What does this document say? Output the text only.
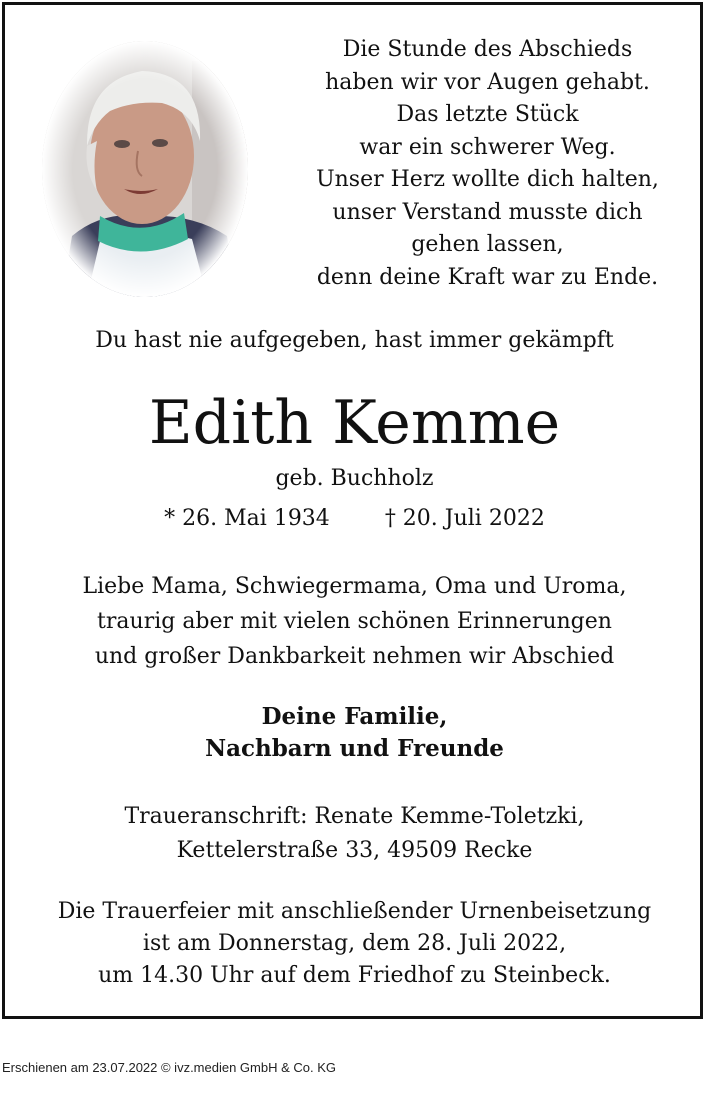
Die Stunde des Abschieds
haben wir vor Augen gehabt.
Das letzte Stück
war ein schwerer Weg.
Unser Herz wollte dich halten,
unser Verstand musste dich
gehen lassen,
denn deine Kraft war zu Ende.
Du hast nie aufgegeben, hast immer gekämpft
Edith Kemme
geb. Buchholz
* 26. Mai 1934	† 20. Juli 2022
Liebe Mama, Schwiegermama, Oma und Uroma,
traurig aber mit vielen schönen Erinnerungen
und großer Dankbarkeit nehmen wir Abschied
Deine Familie,
Nachbarn und Freunde
Traueranschrift: Renate Kemme-Toletzki,
Kettelerstraße 33, 49509 Recke
Die Trauerfeier mit anschließender Urnenbeisetzung
ist am Donnerstag, dem 28. Juli 2022,
um 14.30 Uhr auf dem Friedhof zu Steinbeck.
Erschienen am 23.07.2022 © ivz.medien GmbH & Co. KG
